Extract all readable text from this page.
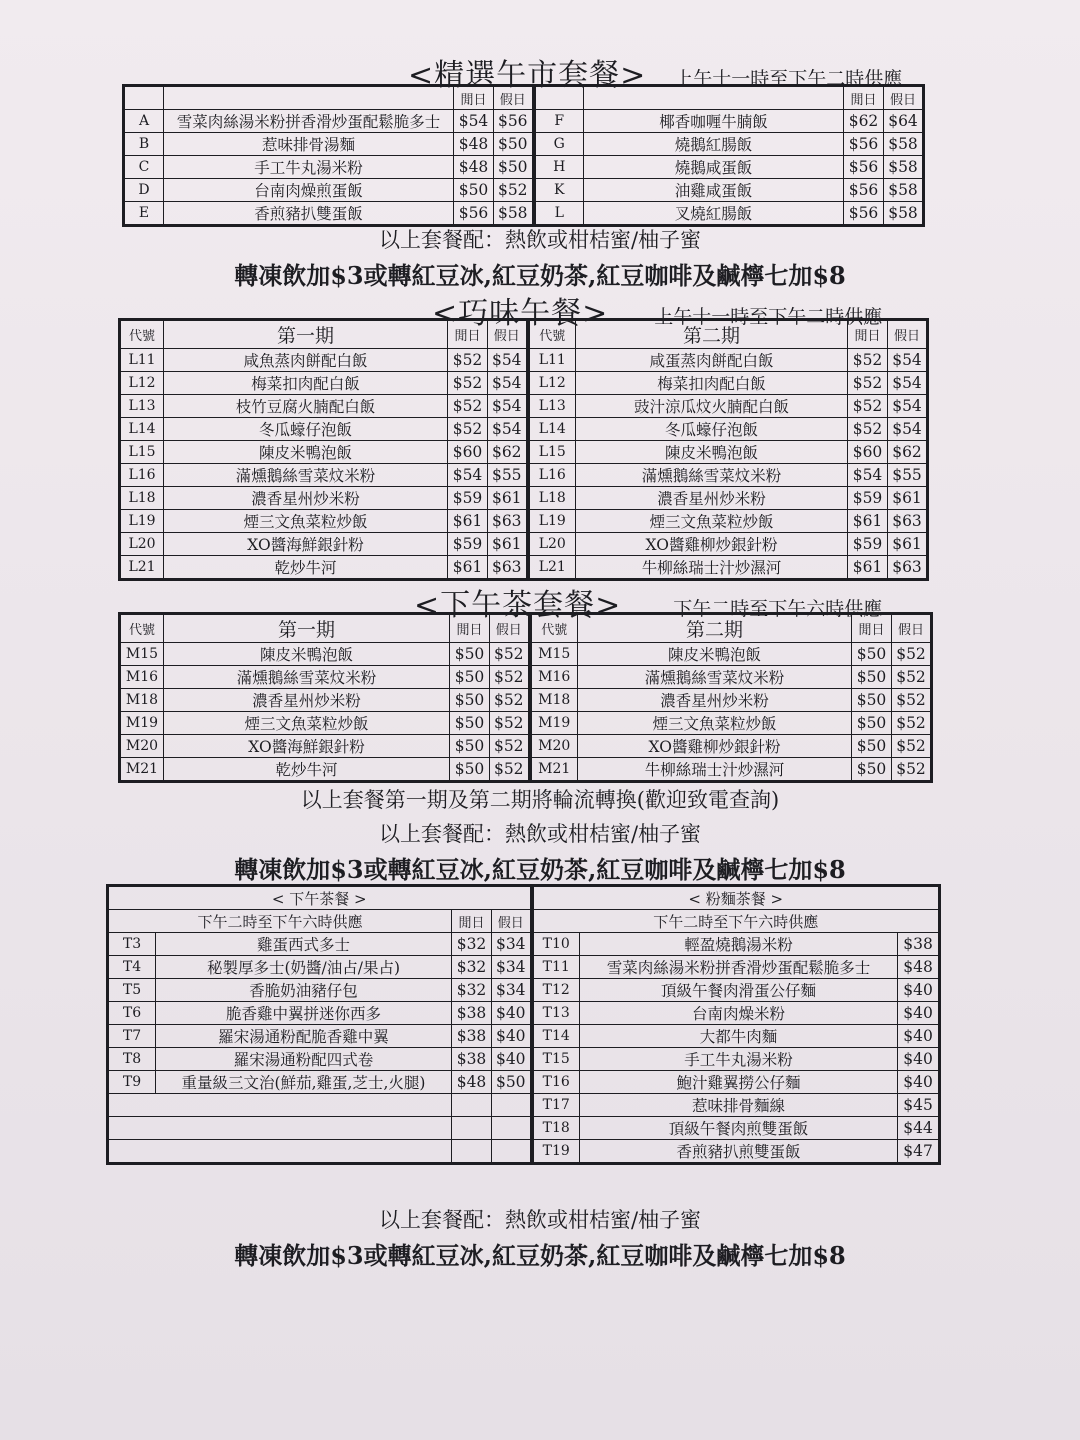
<精選午市套餐> 上午十一時至下午二時供應
		閒日	假日			閒日	假日
A	雪菜肉絲湯米粉拼香滑炒蛋配鬆脆多士	$54	$56	F	椰香咖喱牛腩飯	$62	$64
B	惹味排骨湯麵	$48	$50	G	燒鵝紅腸飯	$56	$58
C	手工牛丸湯米粉	$48	$50	H	燒鵝咸蛋飯	$56	$58
D	台南肉燥煎蛋飯	$50	$52	K	油雞咸蛋飯	$56	$58
E	香煎豬扒雙蛋飯	$56	$58	L	叉燒紅腸飯	$56	$58
以上套餐配：熱飲或柑桔蜜/柚子蜜
轉凍飲加$3或轉紅豆冰,紅豆奶茶,紅豆咖啡及鹹檸七加$8
<巧味午餐> 上午十一時至下午二時供應
代號	第一期	閒日	假日	代號	第二期	閒日	假日
L11	咸魚蒸肉餅配白飯	$52	$54	L11	咸蛋蒸肉餅配白飯	$52	$54
L12	梅菜扣肉配白飯	$52	$54	L12	梅菜扣肉配白飯	$52	$54
L13	枝竹豆腐火腩配白飯	$52	$54	L13	豉汁涼瓜炆火腩配白飯	$52	$54
L14	冬瓜蠔仔泡飯	$52	$54	L14	冬瓜蠔仔泡飯	$52	$54
L15	陳皮米鴨泡飯	$60	$62	L15	陳皮米鴨泡飯	$60	$62
L16	滿燻鵝絲雪菜炆米粉	$54	$55	L16	滿燻鵝絲雪菜炆米粉	$54	$55
L18	濃香星州炒米粉	$59	$61	L18	濃香星州炒米粉	$59	$61
L19	煙三文魚菜粒炒飯	$61	$63	L19	煙三文魚菜粒炒飯	$61	$63
L20	XO醬海鮮銀針粉	$59	$61	L20	XO醬雞柳炒銀針粉	$59	$61
L21	乾炒牛河	$61	$63	L21	牛柳絲瑞士汁炒濕河	$61	$63
<下午茶套餐>	下午二時至下午六時供應
代號	第一期	閒日	假日	代號	第二期	閒日	假日
M15	陳皮米鴨泡飯	$50	$52	M15	陳皮米鴨泡飯	$50	$52
M16	滿燻鵝絲雪菜炆米粉	$50	$52	M16	滿燻鵝絲雪菜炆米粉	$50	$52
M18	濃香星州炒米粉	$50	$52	M18	濃香星州炒米粉	$50	$52
M19	煙三文魚菜粒炒飯	$50	$52	M19	煙三文魚菜粒炒飯	$50	$52
M20	XO醬海鮮銀針粉	$50	$52	M20	XO醬雞柳炒銀針粉	$50	$52
M21	乾炒牛河	$50	$52	M21	牛柳絲瑞士汁炒濕河	$50	$52
以上套餐第一期及第二期將輪流轉換(歡迎致電查詢)
以上套餐配：熱飲或柑桔蜜/柚子蜜
轉凍飲加$3或轉紅豆冰,紅豆奶茶,紅豆咖啡及鹹檸七加$8
< 下午茶餐 >				< 粉麵茶餐 >		
下午二時至下午六時供應		閒日	假日	下午二時至下午六時供應		
T3	雞蛋西式多士	$32	$34	T10	輕盈燒鵝湯米粉	$38
T4	秘製厚多士(奶醬/油占/果占)	$32	$34	T11	雪菜肉絲湯米粉拼香滑炒蛋配鬆脆多士	$48
T5	香脆奶油豬仔包	$32	$34	T12	頂級午餐肉滑蛋公仔麵	$40
T6	脆香雞中翼拼迷你西多	$38	$40	T13	台南肉燥米粉	$40
T7	羅宋湯通粉配脆香雞中翼	$38	$40	T14	大都牛肉麵	$40
T8	羅宋湯通粉配四式卷	$38	$40	T15	手工牛丸湯米粉	$40
T9	重量級三文治(鮮茄,雞蛋,芝士,火腿)	$48	$50	T16	鮑汁雞翼撈公仔麵	$40
				T17	惹味排骨麵線	$45
				T18	頂級午餐肉煎雙蛋飯	$44
				T19	香煎豬扒煎雙蛋飯	$47
以上套餐配：熱飲或柑桔蜜/柚子蜜
轉凍飲加$3或轉紅豆冰,紅豆奶茶,紅豆咖啡及鹹檸七加$8
